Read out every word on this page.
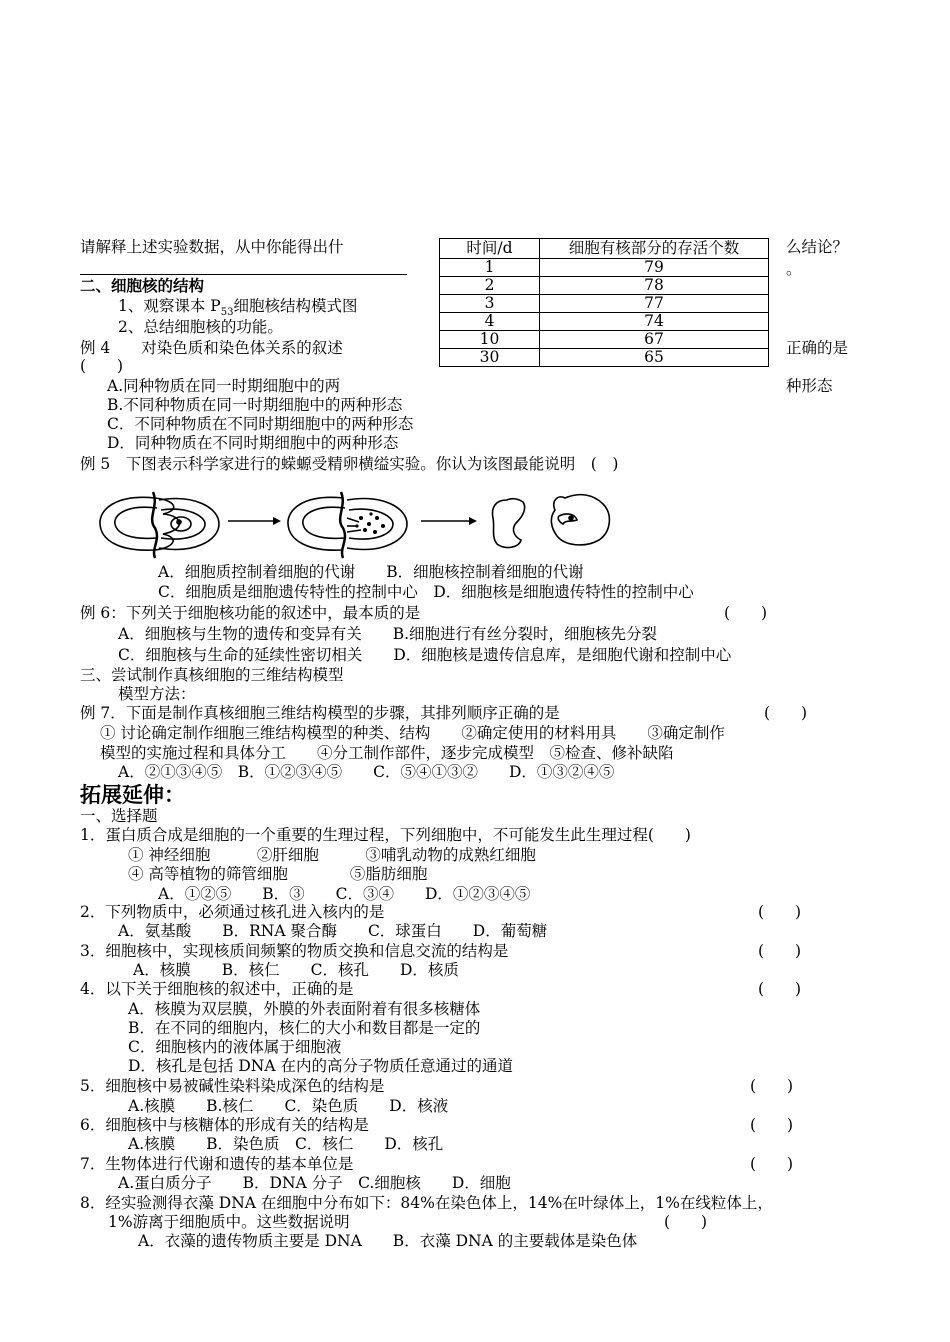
请解释上述实验数据，从中你能得出什	么结论？
。
时间/d	细胞有核部分的存活个数
1	79
2	78
3	77
4	74
10	67
30	65
二、细胞核的结构
1、观察课本 $P_{53}$细胞核结构模式图
2、总结细胞核的功能。
例 4　　对染色质和染色体关系的叙述	正确的是
(　　)
A.同种物质在同一时期细胞中的两	种形态
B.不同种物质在同一时期细胞中的两种形态
C．不同种物质在不同时期细胞中的两种形态
D．同种物质在不同时期细胞中的两种形态
例 5　下图表示科学家进行的蝾螈受精卵横缢实验。你认为该图最能说明　(　)
A．细胞质控制着细胞的代谢　　B．细胞核控制着细胞的代谢
C．细胞质是细胞遗传特性的控制中心　D．细胞核是细胞遗传特性的控制中心
例 6：下列关于细胞核功能的叙述中，最本质的是	(　　)
A．细胞核与生物的遗传和变异有关　　B.细胞进行有丝分裂时，细胞核先分裂
C．细胞核与生命的延续性密切相关　　D．细胞核是遗传信息库，是细胞代谢和控制中心
三、尝试制作真核细胞的三维结构模型
模型方法：
例 7．下面是制作真核细胞三维结构模型的步骤，其排列顺序正确的是	(　　)
① 讨论确定制作细胞三维结构模型的种类、结构　　②确定使用的材料用具　　③确定制作
模型的实施过程和具体分工　　④分工制作部件，逐步完成模型　⑤检查、修补缺陷
A．②①③④⑤　B．①②③④⑤　　C．⑤④①③②　　D．①③②④⑤
拓展延伸：
一、选择题
1．蛋白质合成是细胞的一个重要的生理过程，下列细胞中，不可能发生此生理过程(　　)
① 神经细胞　　　②肝细胞　　　③哺乳动物的成熟红细胞
④ 高等植物的筛管细胞　　　　⑤脂肪细胞
A．①②⑤　　B．③　　C．③④　　D．①②③④⑤
2．下列物质中，必须通过核孔进入核内的是	(　　)
A．氨基酸　　B．RNA 聚合酶　　C．球蛋白　　D．葡萄糖
3．细胞核中，实现核质间频繁的物质交换和信息交流的结构是	(　　)
A．核膜　　B．核仁　　C．核孔　　D．核质
4．以下关于细胞核的叙述中，正确的是	(　　)
A．核膜为双层膜，外膜的外表面附着有很多核糖体
B．在不同的细胞内，核仁的大小和数目都是一定的
C．细胞核内的液体属于细胞液
D．核孔是包括 DNA 在内的高分子物质任意通过的通道
5．细胞核中易被碱性染料染成深色的结构是	(　　)
A.核膜　　B.核仁　　C．染色质　　D．核液
6．细胞核中与核糖体的形成有关的结构是	(　　)
A.核膜　　B．染色质　C．核仁　　D．核孔
7．生物体进行代谢和遗传的基本单位是	(　　)
A.蛋白质分子　　B．DNA 分子　C.细胞核　　D．细胞
8．经实验测得衣藻 DNA 在细胞中分布如下：84%在染色体上，14%在叶绿体上，1%在线粒体上，
1%游离于细胞质中。这些数据说明	(　　)
A．衣藻的遗传物质主要是 DNA　　B．衣藻 DNA 的主要载体是染色体
